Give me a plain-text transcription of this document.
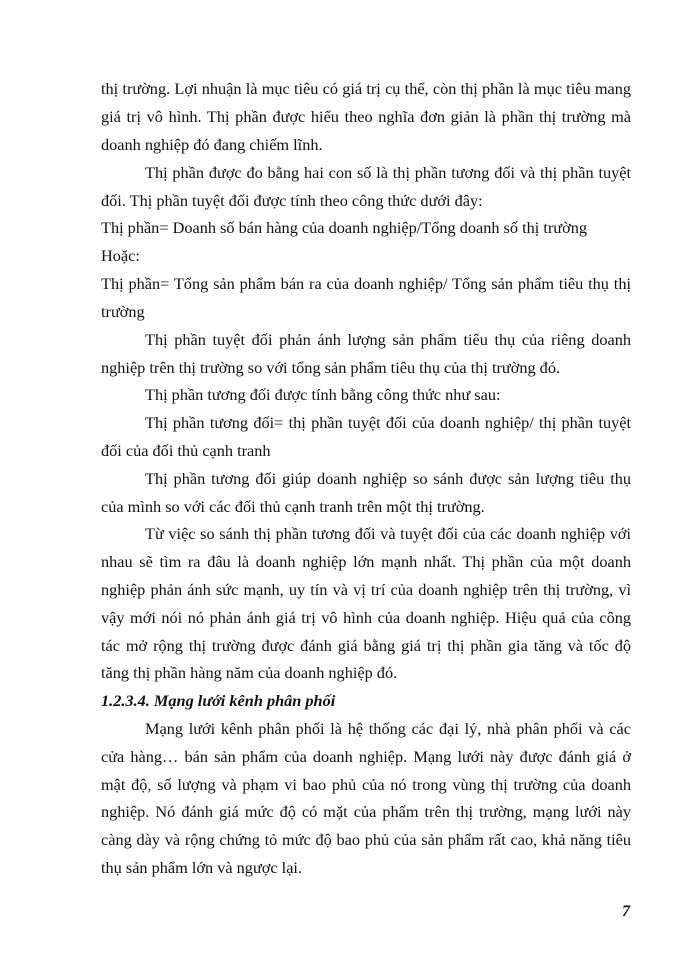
thị trường. Lợi nhuận là mục tiêu có giá trị cụ thể, còn thị phần là mục tiêu mang
giá trị vô hình. Thị phần được hiểu theo nghĩa đơn giản là phần thị trường mà
doanh nghiệp đó đang chiếm lĩnh.
Thị phần được đo bằng hai con số là thị phần tương đối và thị phần tuyệt
đối. Thị phần tuyệt đối được tính theo công thức dưới đây:
Thị phần= Doanh số bán hàng của doanh nghiệp/Tổng doanh số thị trường
Hoặc:
Thị phần= Tổng sản phẩm bán ra của doanh nghiệp/ Tổng sản phẩm tiêu thụ thị
trường
Thị phần tuyệt đối phản ánh lượng sản phẩm tiêu thụ của riêng doanh
nghiệp trên thị trường so với tổng sản phẩm tiêu thụ của thị trường đó.
Thị phần tương đối được tính bằng công thức như sau:
Thị phần tương đối= thị phần tuyệt đối của doanh nghiệp/ thị phần tuyệt
đối của đối thủ cạnh tranh
Thị phần tương đối giúp doanh nghiệp so sánh được sản lượng tiêu thụ
của mình so với các đối thủ cạnh tranh trên một thị trường.
Từ việc so sánh thị phần tương đối và tuyệt đối của các doanh nghiệp với
nhau sẽ tìm ra đâu là doanh nghiệp lớn mạnh nhất. Thị phần của một doanh
nghiệp phản ánh sức mạnh, uy tín và vị trí của doanh nghiệp trên thị trường, vì
vậy mới nói nó phản ánh giá trị vô hình của doanh nghiệp. Hiệu quả của công
tác mở rộng thị trường được đánh giá bằng giá trị thị phần gia tăng và tốc độ
tăng thị phần hàng năm của doanh nghiệp đó.
1.2.3.4. Mạng lưới kênh phân phối
Mạng lưới kênh phân phối là hệ thống các đại lý, nhà phân phối và các
cửa hàng… bán sản phẩm của doanh nghiệp. Mạng lưới này được đánh giá ở
mật độ, số lượng và phạm vi bao phủ của nó trong vùng thị trường của doanh
nghiệp. Nó đánh giá mức độ có mặt của phẩm trên thị trường, mạng lưới này
càng dày và rộng chứng tỏ mức độ bao phủ của sản phẩm rất cao, khả năng tiêu
thụ sản phẩm lớn và ngược lại.
7
